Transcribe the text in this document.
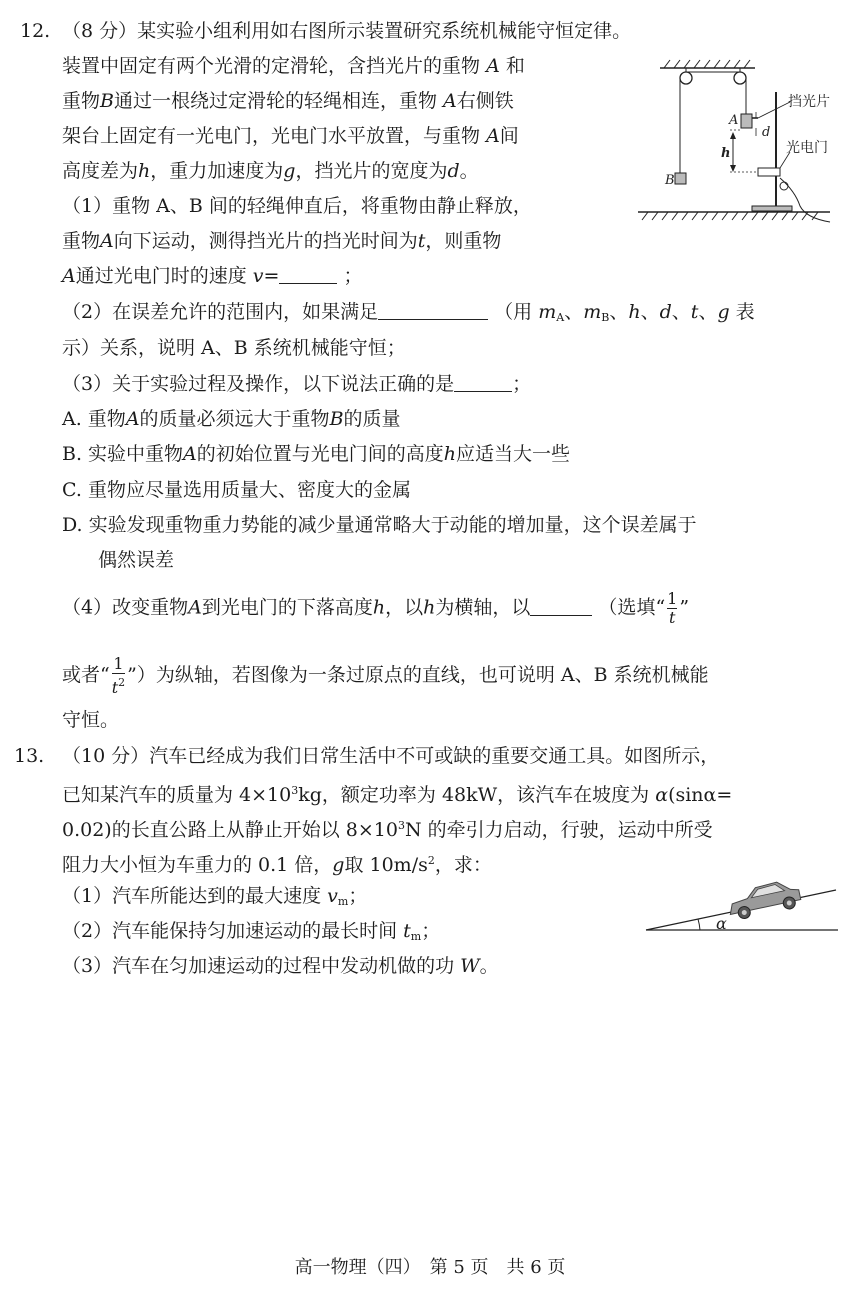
12. （8 分）某实验小组利用如右图所示装置研究系统机械能守恒定律。
装置中固定有两个光滑的定滑轮，含挡光片的重物 A 和
重物B通过一根绕过定滑轮的轻绳相连，重物 A右侧铁
架台上固定有一光电门，光电门水平放置，与重物 A间
高度差为h，重力加速度为g，挡光片的宽度为d。
（1）重物 A、B 间的轻绳伸直后，将重物由静止释放，
重物A向下运动，测得挡光片的挡光时间为t，则重物
A通过光电门时的速度 v=	；
（2）在误差允许的范围内，如果满足	（用 $m_A$、$m_B$、h、d、t、g 表
示）关系，说明 A、B 系统机械能守恒；
（3）关于实验过程及操作，以下说法正确的是	；
A. 重物A的质量必须远大于重物B的质量
B. 实验中重物A的初始位置与光电门间的高度h应适当大一些
C. 重物应尽量选用质量大、密度大的金属
D. 实验发现重物重力势能的减少量通常略大于动能的增加量，这个误差属于
偶然误差
（4）改变重物A到光电门的下落高度h，以h为横轴，以	（选填“ $\frac{1}{t}$ ”
或者“ $\frac{1}{t^2}$ ”）为纵轴，若图像为一条过原点的直线，也可说明 A、B 系统机械能
守恒。
B
A
d
挡光片
h	光电门
13. （10 分）汽车已经成为我们日常生活中不可或缺的重要交通工具。如图所示，
已知某汽车的质量为 $4\times 10^3kg$，额定功率为 48kW，该汽车在坡度为 α(sinα=
0.02)的长直公路上从静止开始以 $8\times 10^3N$ 的牵引力启动，行驶，运动中所受
阻力大小恒为车重力的 0.1 倍，g取 $10m/s^2$，求：
（1）汽车所能达到的最大速度 $v_m$；
（2）汽车能保持匀加速运动的最长时间 $t_m$；
（3）汽车在匀加速运动的过程中发动机做的功 W。
α
高一物理（四）　第 5 页　共 6 页
